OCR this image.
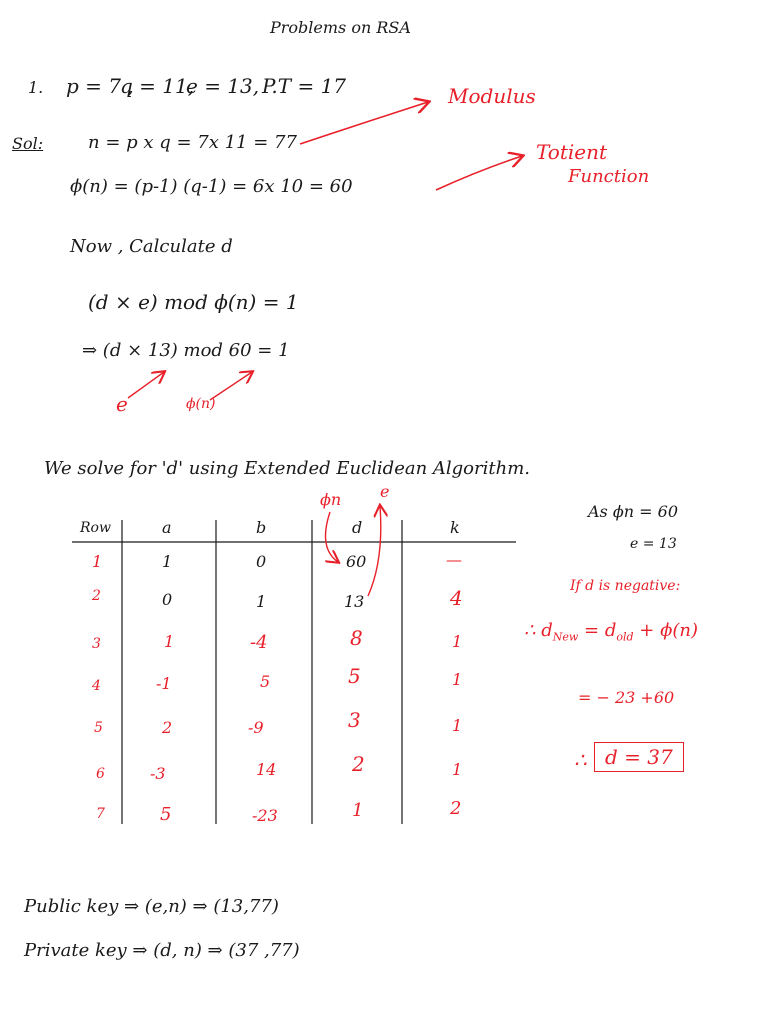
Problems on RSA
1. p = 7 ,
q = 11,
e = 13, P.T = 17	Modulus
Sol: n = p x q = 7x 11 = 77	Totient
Function
ϕ(n) = (p-1) (q-1) = 6x 10 = 60
Now , Calculate d
(d × e) mod ϕ(n) = 1
⇒ (d × 13) mod 60 = 1
e	ϕ(n)
We solve for 'd' using Extended Euclidean Algorithm.
ϕn e
Row	a	b	d	k
1	1	0	60	—
2	0	1	13	4
3	1	-4	8	1
4	-1	5	5	1
5	2	-9	3	1
6	-3	14	2	1
7	5	-23	1	2
As ϕn = 60
e = 13
If d is negative:
∴ $d_{New} = d_{old} + \phi(n)$
= − 23 +60
∴ d = 37
Public key ⇒ (e,n) ⇒ (13,77)
Private key ⇒ (d, n) ⇒ (37 ,77)
